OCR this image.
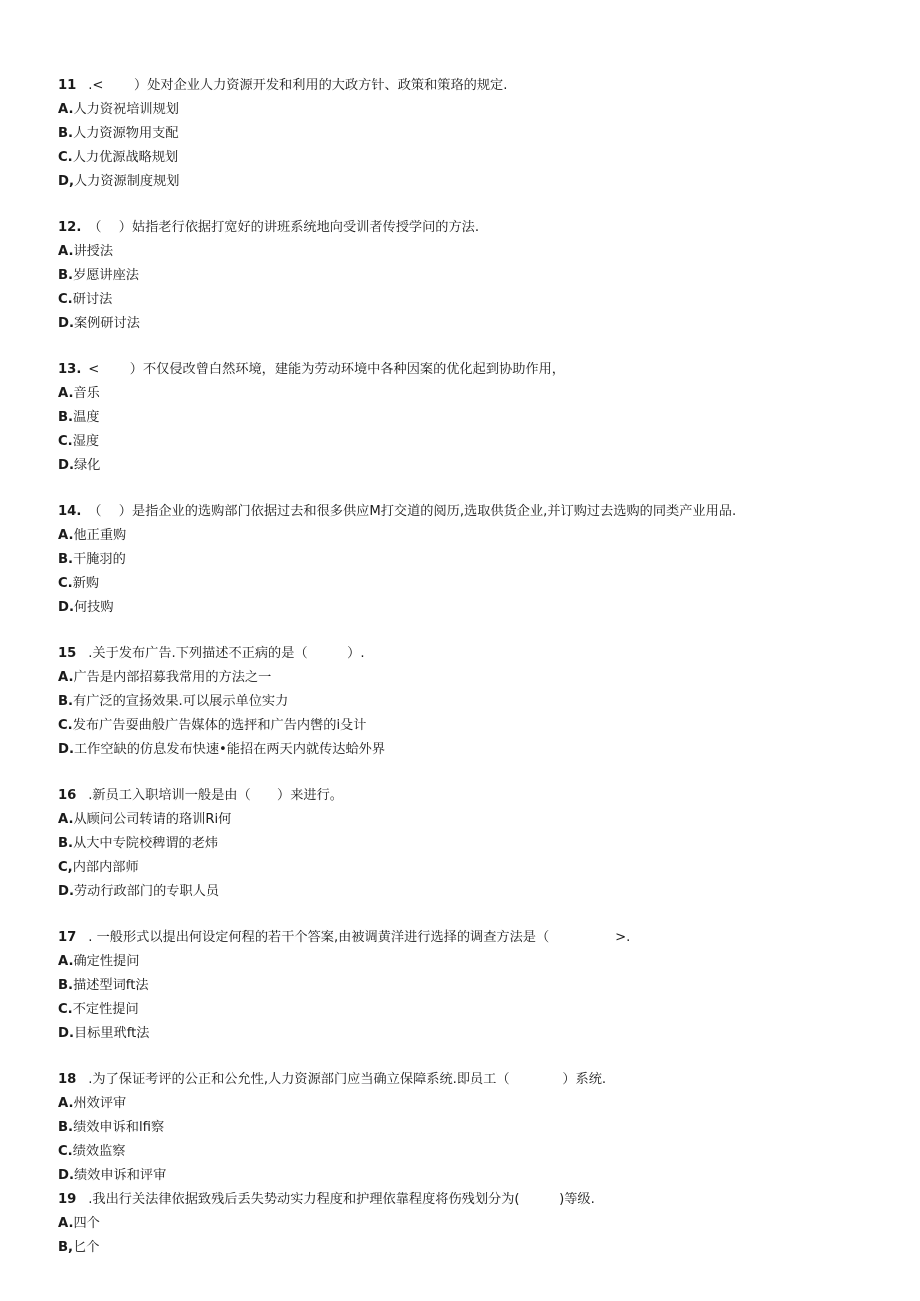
11 .<　　 ）处对企业人力资源开发和利用的大政方针、政策和策珞的规定.
A.人力资祝培训规划
B.人力资源物用支配
C.人力优源战略规划
D,人力资源制度规划
12. （　 ）姑指老行依据打宽好的讲班系统地向受训者传授学问的方法.
A.讲授法
B.岁愿讲座法
C.研讨法
D.案例研讨法
13. <　　 ）不仅侵改曾白然环境，建能为劳动环境中各种因案的优化起到协助作用，
A.音乐
B.温度
C.湿度
D.绿化
14. （　 ）是指企业的选购部门依据过去和很多供应M打交道的阅历,选取供货企业,并订购过去选购的同类产业用品.
A.他正重购
B.干腌羽的
C.新购
D.何技购
15 .关于发布广告.下列描述不正病的是（　　　）.
A.广告是内部招募我常用的方法之一
B.有广泛的宣扬效果.可以展示单位实力
C.发布广告耍曲般广告媒体的选抨和广告内辔的i殳计
D.工作空缺的仿息发布快速•能招在两天内就传达蛤外界
16 .新员工入职培训一般是由（　　）来进行。
A.从顾问公司转请的珞训Ri何
B.从大中专院校稗谓的老炜
C,内部内部师
D.劳动行政部门的专职人员
17 . 一般形式以提出何设定何程的若干个答案,由被调黄洋进行选择的调查方法是（　　　　　>.
A.确定性提问
B.描述型词ft法
C.不定性提问
D.目标里玳ft法
18 .为了保证考评的公正和公允性,人力资源部门应当确立保障系统.即员工（　　　　）系统.
A.州效评审
B.绩效申诉和lfi察
C.绩效监察
D.绩效申诉和评审
19 .我出行关法律依据致残后丢失势动实力程度和护理依靠程度将伤残划分为(　　　)等级.
A.四个
B,匕个
